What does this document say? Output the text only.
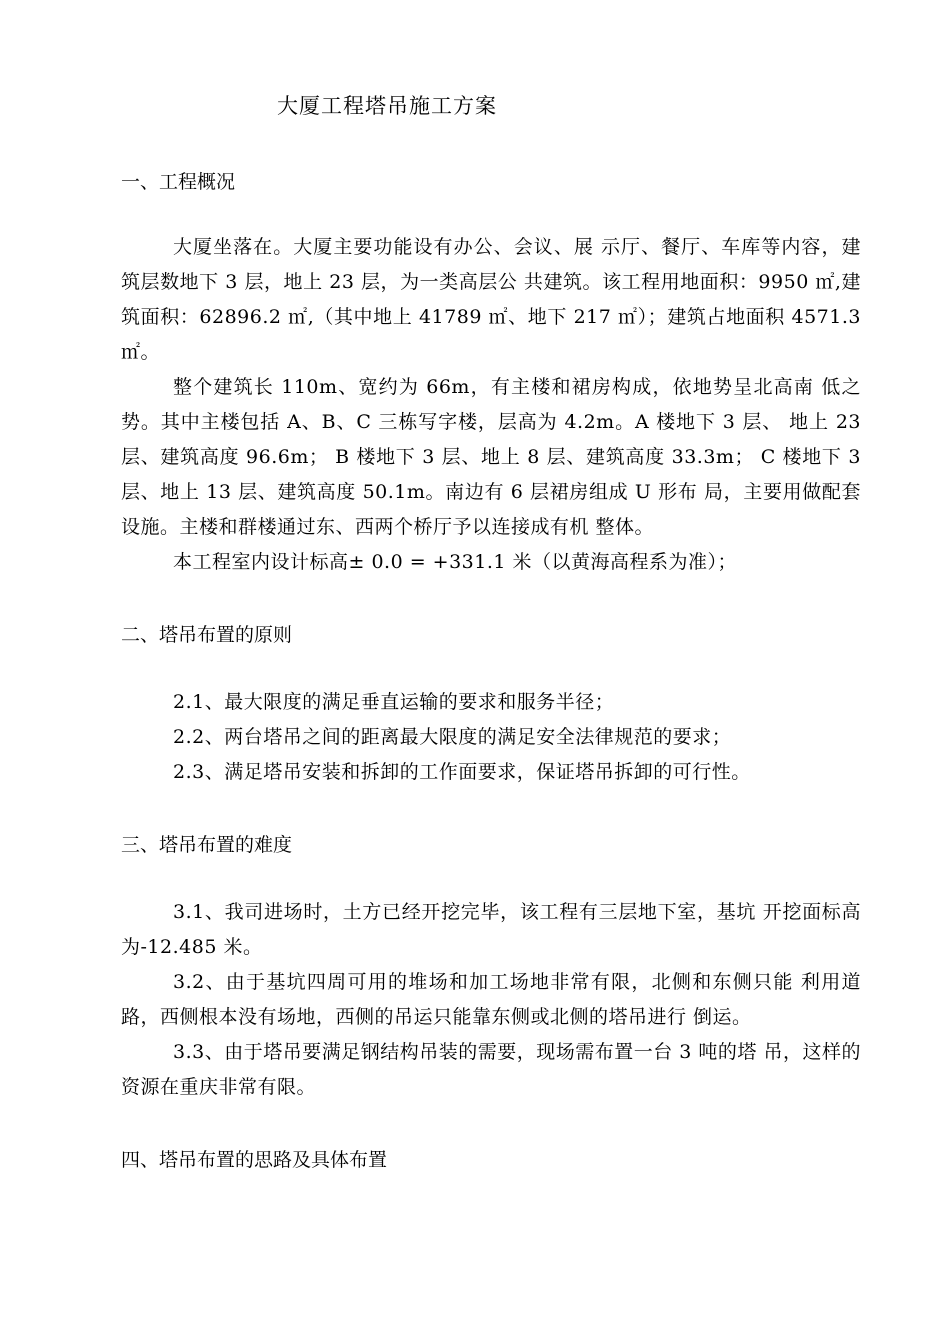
大厦工程塔吊施工方案
一、工程概况

大厦坐落在。大厦主要功能设有办公、会议、展 示厅、餐厅、车库等内容，建筑层数地下 3 层，地上 23 层，为一类高层公 共建筑。该工程用地面积：9950 ㎡,建筑面积：62896.2 ㎡,（其中地上 41789 ㎡、地下 217 ㎡）；建筑占地面积 4571.3 ㎡。

整个建筑长 110m、宽约为 66m，有主楼和裙房构成，依地势呈北高南 低之势。其中主楼包括 A、B、C 三栋写字楼，层高为 4.2m。A 楼地下 3 层、 地上 23 层、建筑高度 96.6m； B 楼地下 3 层、地上 8 层、建筑高度 33.3m； C 楼地下 3 层、地上 13 层、建筑高度 50.1m。南边有 6 层裙房组成 U 形布 局，主要用做配套设施。主楼和群楼通过东、西两个桥厅予以连接成有机 整体。

本工程室内设计标高± 0.0 = +331.1 米（以黄海高程系为准）；

二、塔吊布置的原则

2.1、最大限度的满足垂直运输的要求和服务半径；

2.2、两台塔吊之间的距离最大限度的满足安全法律规范的要求；

2.3、满足塔吊安装和拆卸的工作面要求，保证塔吊拆卸的可行性。

三、塔吊布置的难度

3.1、我司进场时，土方已经开挖完毕，该工程有三层地下室，基坑 开挖面标高为-12.485 米。

3.2、由于基坑四周可用的堆场和加工场地非常有限，北侧和东侧只能 利用道路，西侧根本没有场地，西侧的吊运只能靠东侧或北侧的塔吊进行 倒运。

3.3、由于塔吊要满足钢结构吊装的需要，现场需布置一台 3 吨的塔 吊，这样的资源在重庆非常有限。

四、塔吊布置的思路及具体布置
